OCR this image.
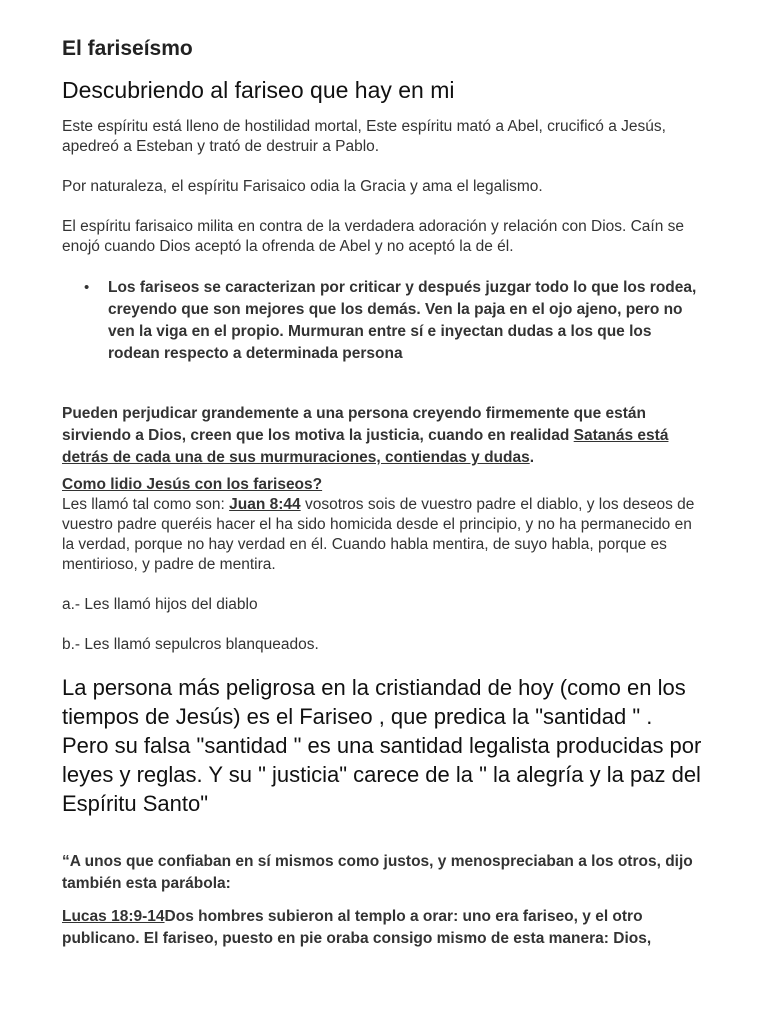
El fariseísmo
Descubriendo al fariseo que hay en mi

Este espíritu está lleno de hostilidad mortal, Este espíritu mató a Abel, crucificó a Jesús, apedreó a Esteban y trató de destruir a Pablo.

Por naturaleza, el espíritu Farisaico odia la Gracia y ama el legalismo.

El espíritu farisaico milita en contra de la verdadera adoración y relación con Dios. Caín se enojó cuando Dios aceptó la ofrenda de Abel y no aceptó la de él.

• Los fariseos se caracterizan por criticar y después juzgar todo lo que los rodea, creyendo que son mejores que los demás. Ven la paja en el ojo ajeno, pero no ven la viga en el propio. Murmuran entre sí e inyectan dudas a los que los rodean respecto a determinada persona

Pueden perjudicar grandemente a una persona creyendo firmemente que están sirviendo a Dios, creen que los motiva la justicia, cuando en realidad Satanás está detrás de cada una de sus murmuraciones, contiendas y dudas.

Como lidio Jesús con los fariseos?

Les llamó tal como son: Juan 8:44 vosotros sois de vuestro padre el diablo, y los deseos de vuestro padre queréis hacer el ha sido homicida desde el principio, y no ha permanecido en la verdad, porque no hay verdad en él. Cuando habla mentira, de suyo habla, porque es mentirioso, y padre de mentira.

a.- Les llamó hijos del diablo

b.- Les llamó sepulcros blanqueados.

La persona más peligrosa en la cristiandad de hoy (como en los tiempos de Jesús) es el Fariseo , que predica la "santidad " . Pero su falsa "santidad " es una santidad legalista producidas por leyes y reglas. Y su " justicia" carece de la " la alegría y la paz del Espíritu Santo"

“A unos que confiaban en sí mismos como justos, y menospreciaban a los otros, dijo también esta parábola:

Lucas 18:9-14Dos hombres subieron al templo a orar: uno era fariseo, y el otro publicano. El fariseo, puesto en pie oraba consigo mismo de esta manera: Dios,
